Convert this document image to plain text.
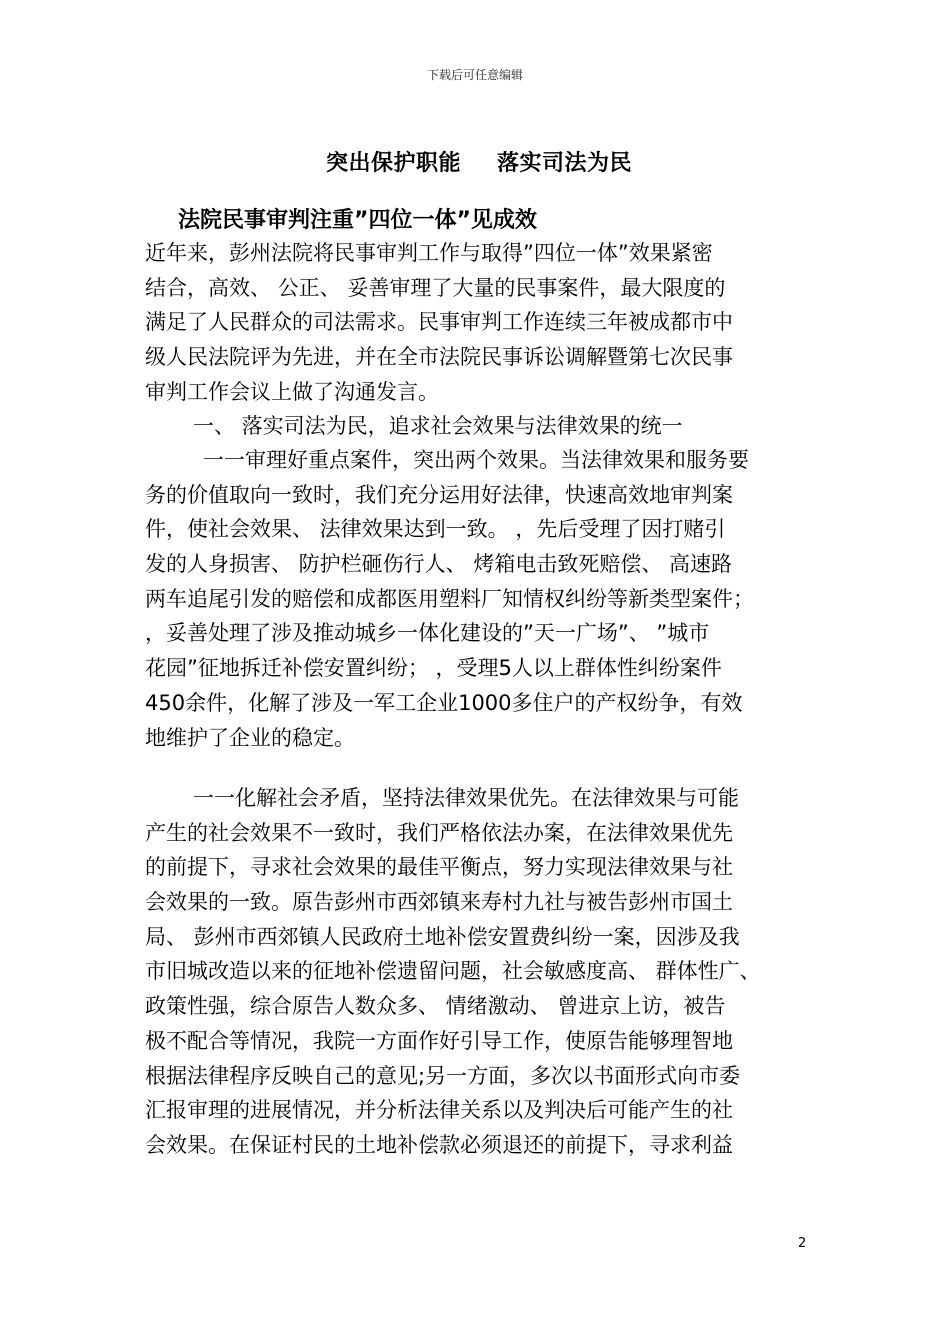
下载后可任意编辑
突出保护职能 落实司法为民
法院民事审判注重”四位一体”见成效
近年来，彭州法院将民事审判工作与取得”四位一体”效果紧密
结合，高效、 公正、 妥善审理了大量的民事案件，最大限度的
满足了人民群众的司法需求。民事审判工作连续三年被成都市中
级人民法院评为先进，并在全市法院民事诉讼调解暨第七次民事
审判工作会议上做了沟通发言。
一、 落实司法为民，追求社会效果与法律效果的统一
一一审理好重点案件，突出两个效果。当法律效果和服务要
务的价值取向一致时，我们充分运用好法律，快速高效地审判案
件，使社会效果、 法律效果达到一致。 ，先后受理了因打赌引
发的人身损害、 防护栏砸伤行人、 烤箱电击致死赔偿、 高速路
两车追尾引发的赔偿和成都医用塑料厂知情权纠纷等新类型案件；
，妥善处理了涉及推动城乡一体化建设的”天一广场”、 ”城市
花园”征地拆迁补偿安置纠纷； ，受理5人以上群体性纠纷案件
450余件，化解了涉及一军工企业1000多住户的产权纷争，有效
地维护了企业的稳定。
一一化解社会矛盾，坚持法律效果优先。在法律效果与可能
产生的社会效果不一致时，我们严格依法办案，在法律效果优先
的前提下，寻求社会效果的最佳平衡点，努力实现法律效果与社
会效果的一致。原告彭州市西郊镇来寿村九社与被告彭州市国土
局、 彭州市西郊镇人民政府土地补偿安置费纠纷一案，因涉及我
市旧城改造以来的征地补偿遗留问题，社会敏感度高、 群体性广、
政策性强，综合原告人数众多、 情绪激动、 曾进京上访，被告
极不配合等情况，我院一方面作好引导工作，使原告能够理智地
根据法律程序反映自己的意见;另一方面，多次以书面形式向市委
汇报审理的进展情况，并分析法律关系以及判决后可能产生的社
会效果。在保证村民的土地补偿款必须退还的前提下，寻求利益
2
